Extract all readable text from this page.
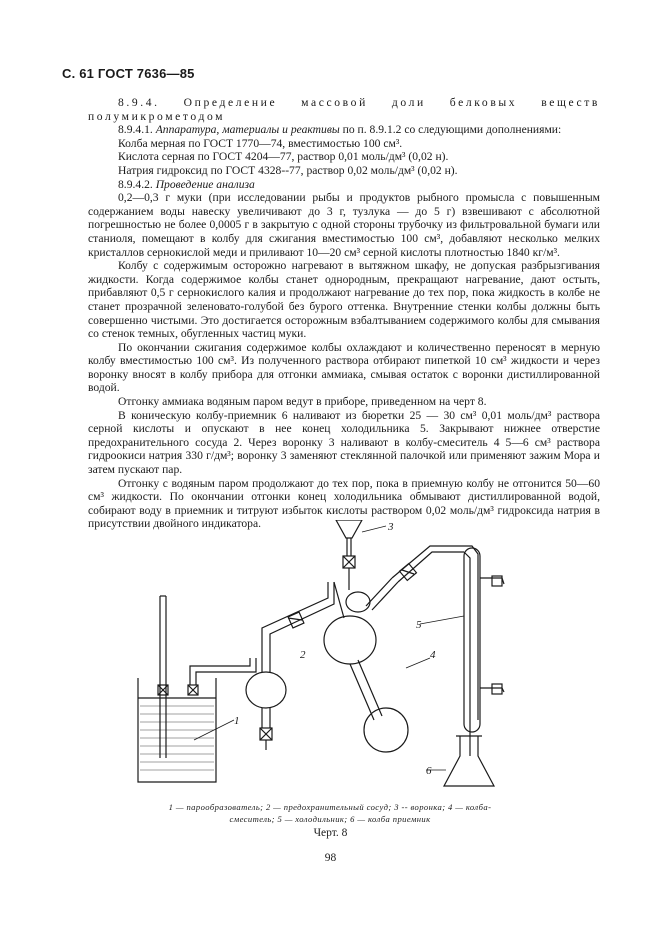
С. 61 ГОСТ 7636—85

8.9.4. Определение массовой доли белковых веществ полумикрометодом

8.9.4.1. Аппаратура, материалы и реактивы по п. 8.9.1.2 со следующими дополнениями:

Колба мерная по ГОСТ 1770—74, вместимостью 100 см³.

Кислота серная по ГОСТ 4204—77, раствор 0,01 моль/дм³ (0,02 н).

Натрия гидроксид по ГОСТ 4328--77, раствор 0,02 моль/дм³ (0,02 н).

8.9.4.2. Проведение анализа

0,2—0,3 г муки (при исследовании рыбы и продуктов рыбного промысла с повышенным содержанием воды навеску увеличивают до 3 г, тузлука — до 5 г) взвешивают с абсолютной погрешностью не более 0,0005 г в закрытую с одной стороны трубочку из фильтровальной бумаги или станиоля, помещают в колбу для сжигания вместимостью 100 см³, добавляют несколько мелких кристаллов сернокислой меди и приливают 10—20 см³ серной кислоты плотностью 1840 кг/м³.

Колбу с содержимым осторожно нагревают в вытяжном шкафу, не допуская разбрызгивания жидкости. Когда содержимое колбы станет однородным, прекращают нагревание, дают остыть, прибавляют 0,5 г сернокислого калия и продолжают нагревание до тех пор, пока жидкость в колбе не станет прозрачной зеленовато-голубой без бурого оттенка. Внутренние стенки колбы должны быть совершенно чистыми. Это достигается осторожным взбалтыванием содержимого колбы для смывания со стенок темных, обугленных частиц муки.

По окончании сжигания содержимое колбы охлаждают и количественно переносят в мерную колбу вместимостью 100 см³. Из полученного раствора отбирают пипеткой 10 см³ жидкости и через воронку вносят в колбу прибора для отгонки аммиака, смывая остаток с воронки дистиллированной водой.

Отгонку аммиака водяным паром ведут в приборе, приведенном на черт 8.

В коническую колбу-приемник 6 наливают из бюретки 25 — 30 см³ 0,01 моль/дм³ раствора серной кислоты и опускают в нее конец холодильника 5. Закрывают нижнее отверстие предохранительного сосуда 2. Через воронку 3 наливают в колбу-смеситель 4 5—6 см³ раствора гидроокиси натрия 330 г/дм³; воронку 3 заменяют стеклянной палочкой или применяют зажим Мора и затем пускают пар.

Отгонку с водяным паром продолжают до тех пор, пока в приемную колбу не отгонится 50—60 см³ жидкости. По окончании отгонки конец холодильника обмывают дистиллированной водой, собирают воду в приемник и титруют избыток кислоты раствором 0,02 моль/дм³ гидроксида натрия в присутствии двойного индикатора.

1
2
3
4
5
6
1 — парообразователь; 2 — предохранительный сосуд; 3 -- воронка; 4 — колба-
смеситель; 5 — холодильник; 6 — колба приемник
Черт. 8
98
